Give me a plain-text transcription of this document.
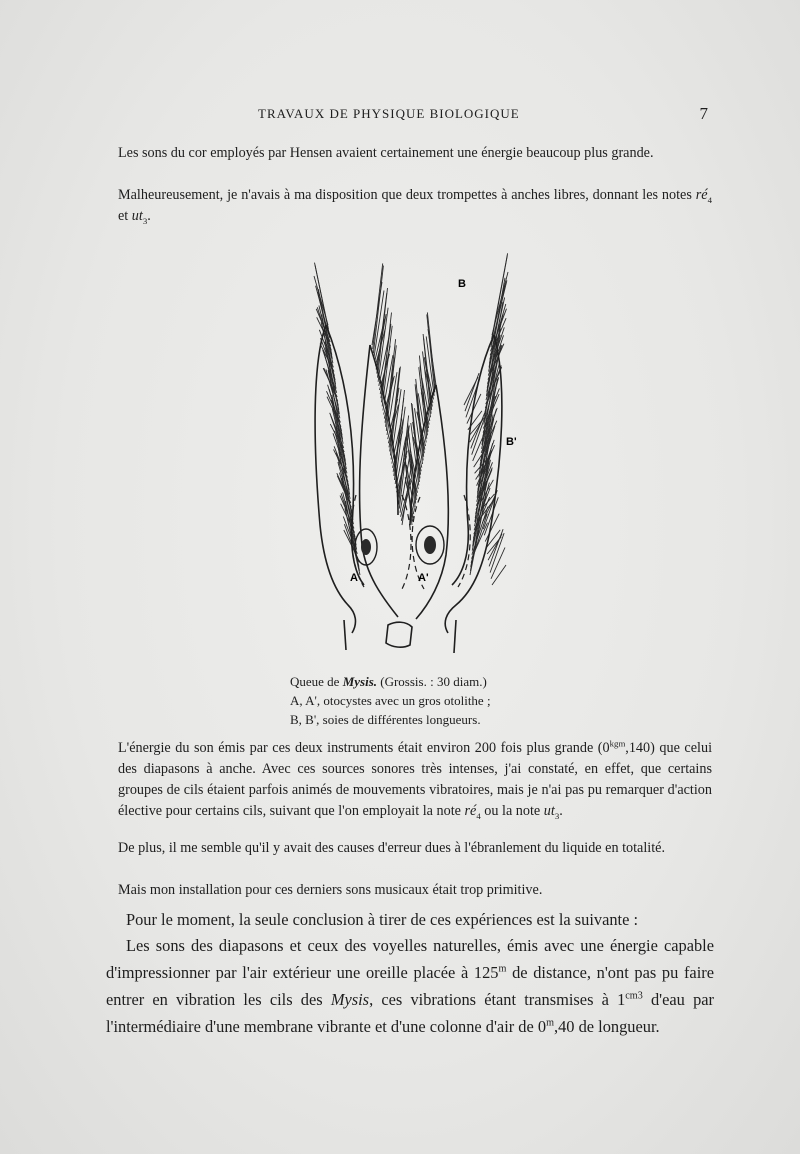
TRAVAUX DE PHYSIQUE BIOLOGIQUE	7

Les sons du cor employés par Hensen avaient certainement une énergie beaucoup plus grande.

Malheureusement, je n'avais à ma disposition que deux trompettes à anches libres, donnant les notes $ré_4$ et $ut_3$.

B
B'
A	A'

Queue de Mysis. (Grossis. : 30 diam.)
A, A', otocystes avec un gros otolithe ;
B, B', soies de différentes longueurs.

L'énergie du son émis par ces deux instruments était environ 200 fois plus grande $(0^{kgm},140)$ que celui des diapasons à anche. Avec ces sources sonores très intenses, j'ai constaté, en effet, que certains groupes de cils étaient parfois animés de mouvements vibratoires, mais je n'ai pas pu remarquer d'action élective pour certains cils, suivant que l'on employait la note $ré_4$ ou la note $ut_3$.

De plus, il me semble qu'il y avait des causes d'erreur dues à l'ébranlement du liquide en totalité.

Mais mon installation pour ces derniers sons musicaux était trop primitive.

Pour le moment, la seule conclusion à tirer de ces expériences est la suivante :

Les sons des diapasons et ceux des voyelles naturelles, émis avec une énergie capable d'impressionner par l'air extérieur une oreille placée à 125$^m$ de distance, n'ont pas pu faire entrer en vibration les cils des Mysis, ces vibrations étant transmises à $1^{cm3}$ d'eau par l'intermédiaire d'une membrane vibrante et d'une colonne d'air de 0$^m$,40 de longueur.
